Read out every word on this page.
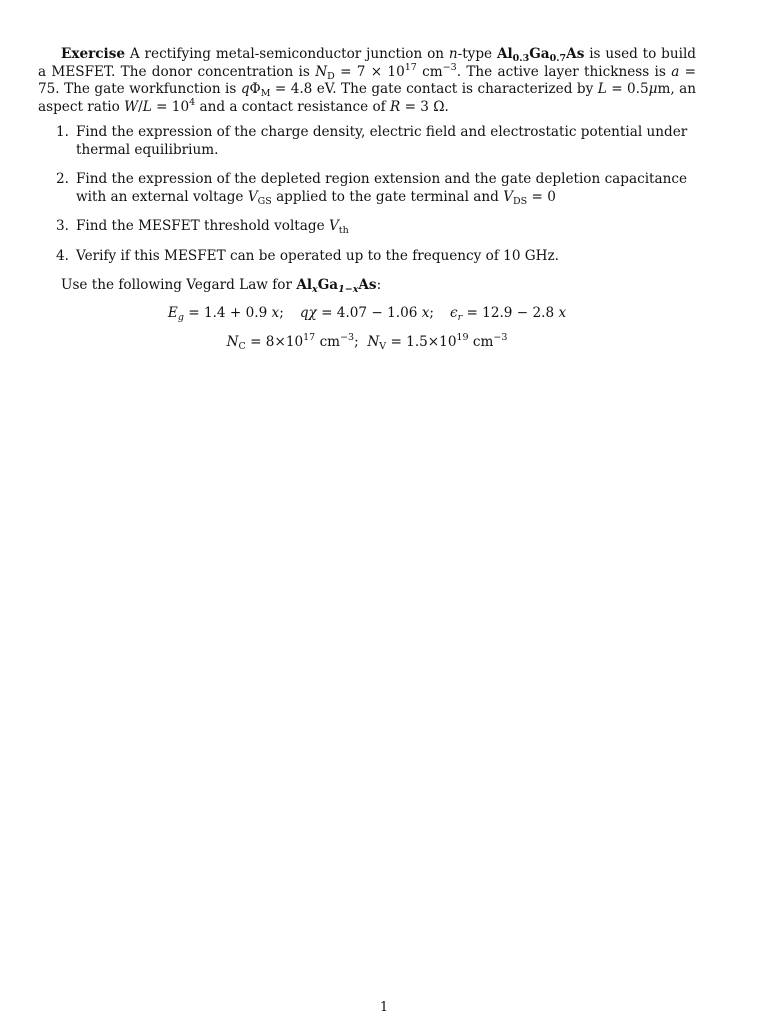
Exercise A rectifying metal-semiconductor junction on n-type $Al_{0.3}Ga_{0.7}As$ is used to build a MESFET. The donor concentration is $N_D = 7 \times 10^{17}$ $cm^{-3}$. The active layer thickness is a = 75. The gate workfunction is $q\Phi_M = 4.8$ eV. The gate contact is characterized by L = 0.5μm, an aspect ratio $W/L = 10^4$ and a contact resistance of R = 3 Ω.

1. Find the expression of the charge density, electric field and electrostatic potential under thermal equilibrium.
2. Find the expression of the depleted region extension and the gate depletion capacitance with an external voltage $V_{GS}$ applied to the gate terminal and $V_{DS} = 0$
3. Find the MESFET threshold voltage $V_{th}$
4. Verify if this MESFET can be operated up to the frequency of 10 GHz.

Use the following Vegard Law for $Al_xGa_{1-x}As$:

$E_g = 1.4 + 0.9$ x; qχ = 4.07 − 1.06 x; $\epsilon_r = 12.9 - 2.8$ x

$N_C = 8\times 10^{17}$ $cm^{-3}$; $N_V = 1.5\times 10^{19}$ $cm^{-3}$

1
